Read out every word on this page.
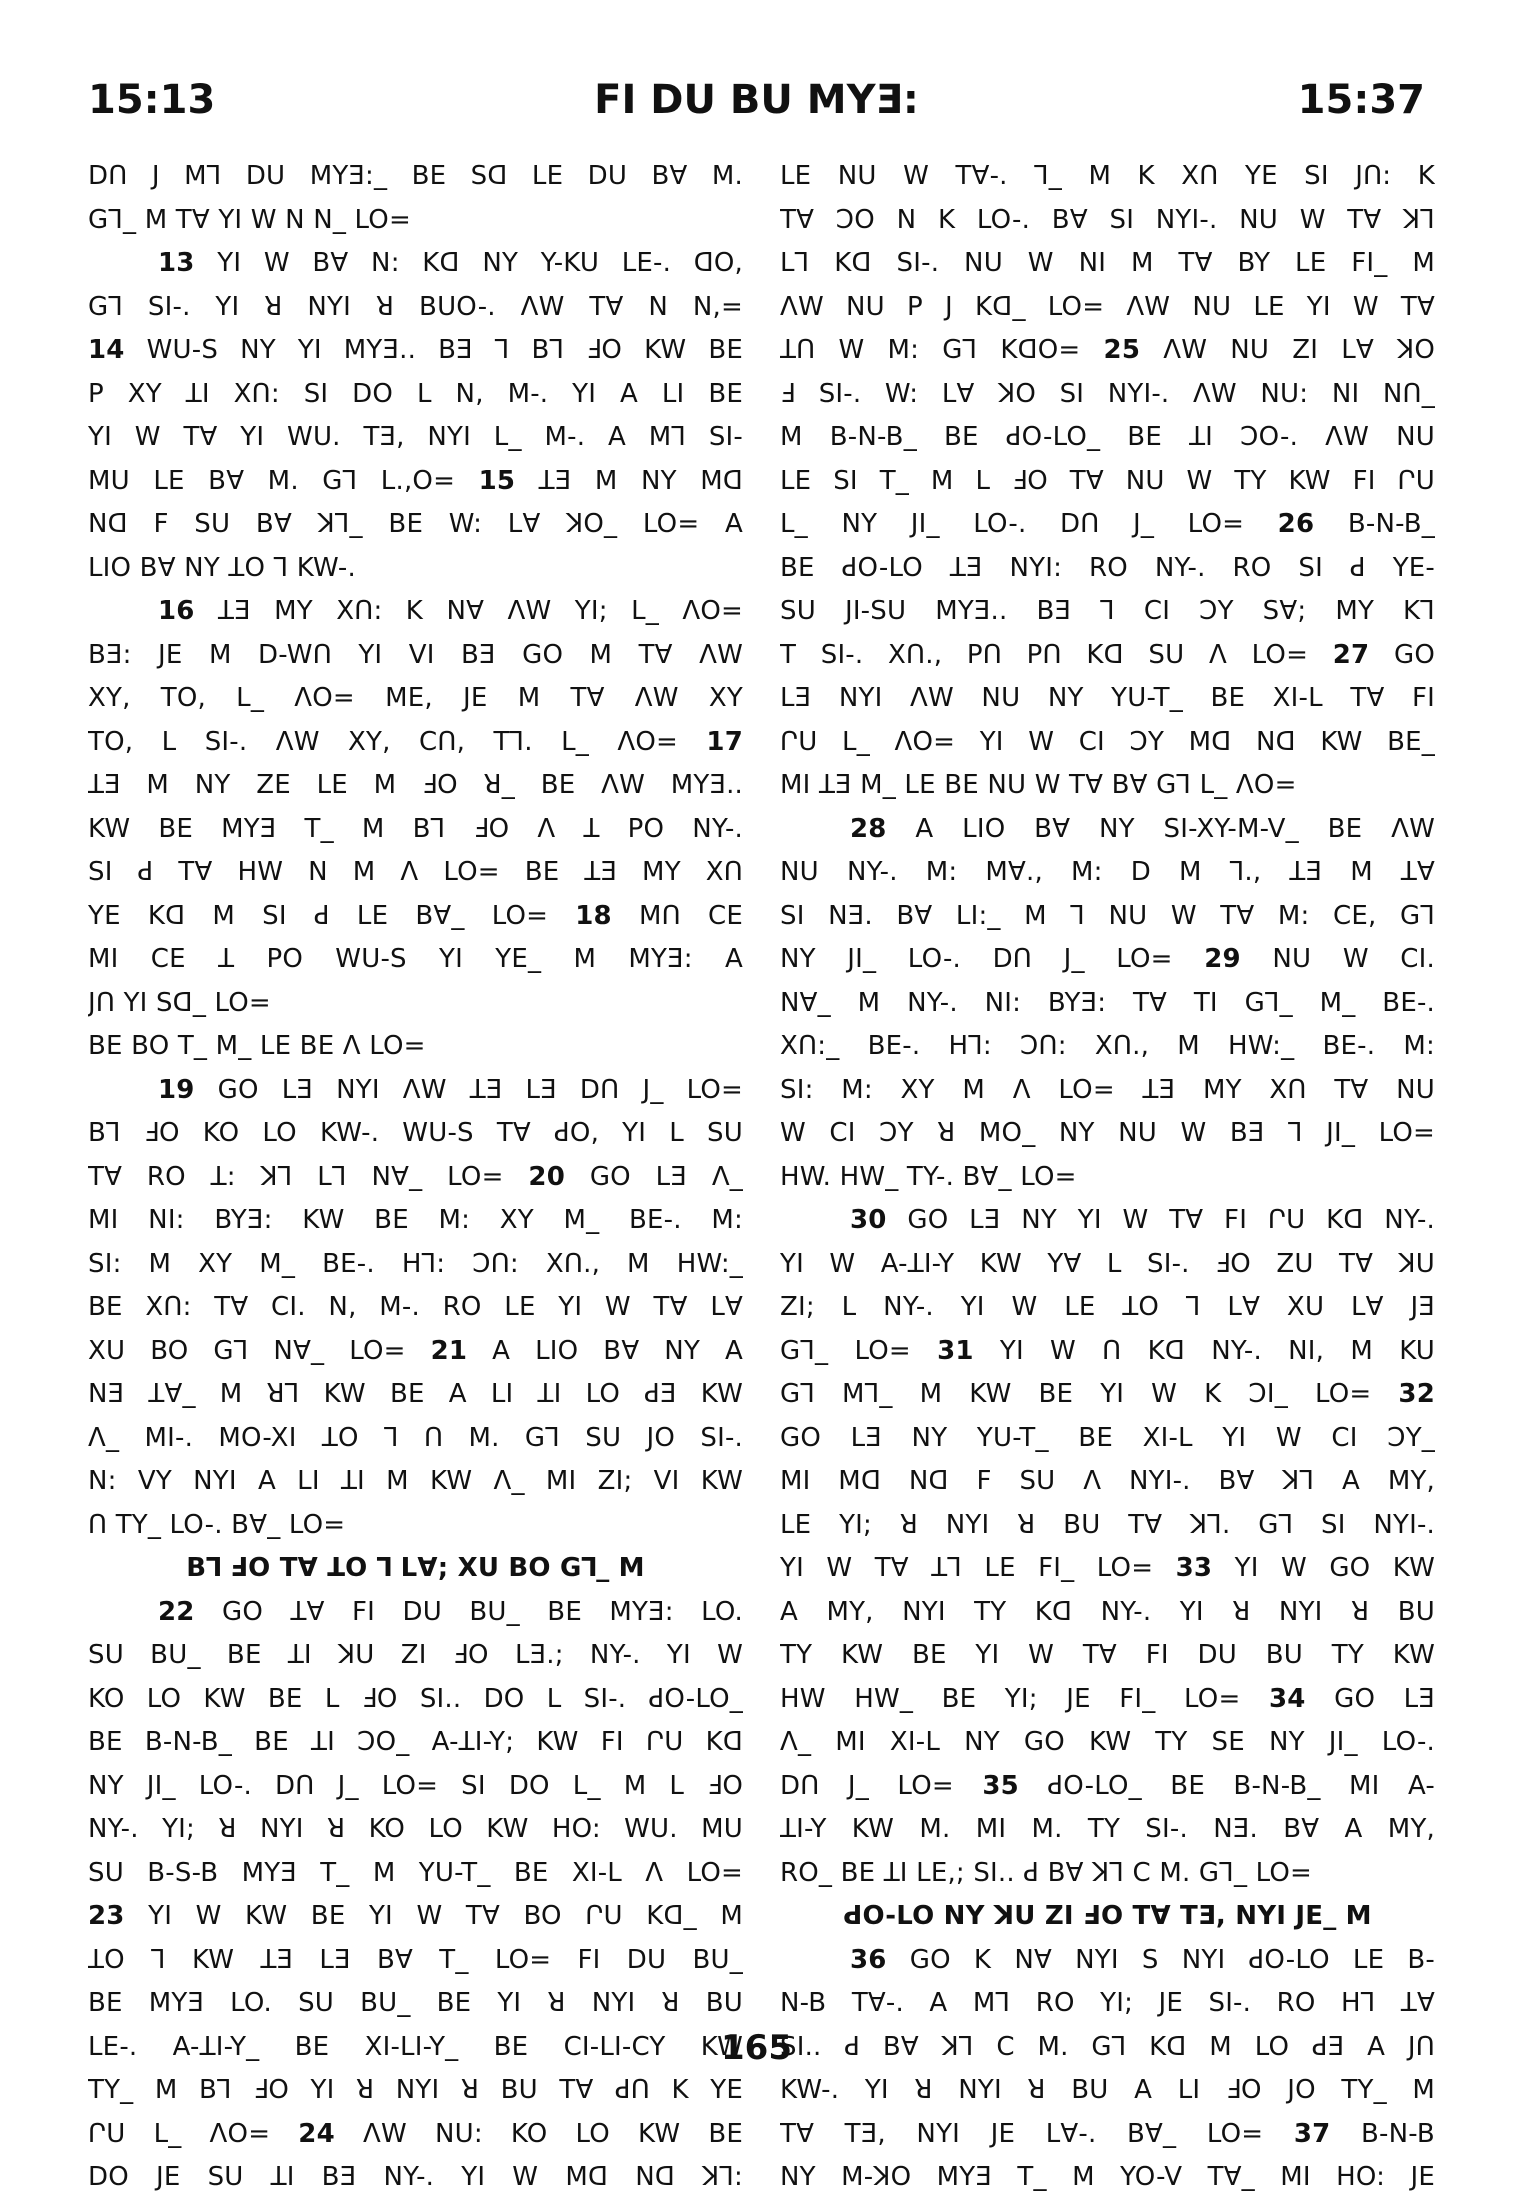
15:13	FI DU BU MYƎ:	15:37
DՈ J Mꓶ DU MYƎ:_ BE Sꓷ LE DU BⱯ M.
Gꓶ_ M TⱯ YI W N N_ LO=
13 YI W BⱯ N: Kꓷ NY Y-KU LE-. ꓷO,
Gꓶ SI-. YI ꓤ NYI ꓤ BUO-. ɅW TⱯ N N,=
14 WU-S NY YI MYƎ.. BƎ ꓶ Bꓶ ꓞO KW BE
P XY ꓕI XՈ: SI DO L N, M-. YI A LI BE
YI W TⱯ YI WU. TƎ, NYI L_ M-. A Mꓶ SI-
MU LE BⱯ M. Gꓶ L.,O= 15 ꓕƎ M NY Mꓷ
Nꓷ F SU BⱯ ꓘꓶ_ BE W: LⱯ ꓘO_ LO= A
LIO BⱯ NY ꓕO ꓶ KW-.
16 ꓕƎ MY XՈ: K NⱯ ɅW YI; L_ ɅO=
BƎ: JE M D-WՈ YI VI BƎ GO M TⱯ ɅW
XY, TO, L_ ɅO= ME, JE M TⱯ ɅW XY
TO, L SI-. ɅW XY, CՈ, Tꓶ. L_ ɅO= 17
ꓕƎ M NY ZE LE M ꓞO ꓤ_ BE ɅW MYƎ..
KW BE MYƎ T_ M Bꓶ ꓞO Ʌ ꓕ PO NY-.
SI ꓒ TⱯ HW N M Ʌ LO= BE ꓕƎ MY XՈ
YE Kꓷ M SI ꓒ LE BⱯ_ LO= 18 MՈ CE
MI CE ꓕ PO WU-S YI YE_ M MYƎ: A
JՈ YI Sꓷ_ LO=
BE BO T_ M_ LE BE Ʌ LO=
19 GO LƎ NYI ɅW ꓕƎ LƎ DՈ J_ LO=
Bꓶ ꓞO KO LO KW-. WU-S TⱯ ꓒO, YI L SU
TⱯ RO ꓕ: ꓘꓶ Lꓶ NⱯ_ LO= 20 GO LƎ Ʌ_
MI NI: BYƎ: KW BE M: XY M_ BE-. M:
SI: M XY M_ BE-. Hꓶ: ƆՈ: XՈ., M HW:_
BE XՈ: TⱯ CI. N, M-. RO LE YI W TⱯ LⱯ
XU BO Gꓶ NⱯ_ LO= 21 A LIO BⱯ NY A
NƎ ꓕⱯ_ M ꓤꓶ KW BE A LI ꓕI LO ꓒƎ KW
Ʌ_ MI-. MO-XI ꓕO ꓶ Ո M. Gꓶ SU JO SI-.
N: VY NYI A LI ꓕI M KW Ʌ_ MI ZI; VI KW
Ո TY_ LO-. BⱯ_ LO=
Bꓶ ꓞO TⱯ ꓕO ꓶ LⱯ; XU BO Gꓶ_ M
22 GO ꓕⱯ FI DU BU_ BE MYƎ: LO.
SU BU_ BE ꓕI ꓘU ZI ꓞO LƎ.; NY-. YI W
KO LO KW BE L ꓞO SI.. DO L SI-. ꓒO-LO_
BE B-N-B_ BE ꓕI ƆO_ A-ꓕI-Y; KW FI ՐU Kꓷ
NY JI_ LO-. DՈ J_ LO= SI DO L_ M L ꓞO
NY-. YI; ꓤ NYI ꓤ KO LO KW HO: WU. MU
SU B-S-B MYƎ T_ M YU-T_ BE XI-L Ʌ LO=
23 YI W KW BE YI W TⱯ BO ՐU Kꓷ_ M
ꓕO ꓶ KW ꓕƎ LƎ BⱯ T_ LO= FI DU BU_
BE MYƎ LO. SU BU_ BE YI ꓤ NYI ꓤ BU
LE-. A-ꓕI-Y_ BE XI-LI-Y_ BE CI-LI-CY KW
TY_ M Bꓶ ꓞO YI ꓤ NYI ꓤ BU TⱯ ꓒՈ K YE
ՐU L_ ɅO= 24 ɅW NU: KO LO KW BE
DO JE SU ꓕI BƎ NY-. YI W Mꓷ Nꓷ ꓘꓶ:
LE NU W TⱯ-. ꓶ_ M K XՈ YE SI JՈ: K
TⱯ ƆO N K LO-. BⱯ SI NYI-. NU W TⱯ ꓘꓶ
Lꓶ Kꓷ SI-. NU W NI M TⱯ BY LE FI_ M
ɅW NU P J Kꓷ_ LO= ɅW NU LE YI W TⱯ
ꓕՈ W M: Gꓶ KꓷO= 25 ɅW NU ZI LⱯ ꓘO
ꓞ SI-. W: LⱯ ꓘO SI NYI-. ɅW NU: NI NՈ_
M B-N-B_ BE ꓒO-LO_ BE ꓕI ƆO-. ɅW NU
LE SI T_ M L ꓞO TⱯ NU W TY KW FI ՐU
L_ NY JI_ LO-. DՈ J_ LO= 26 B-N-B_
BE ꓒO-LO ꓕƎ NYI: RO NY-. RO SI ꓒ YE-
SU JI-SU MYƎ.. BƎ ꓶ CI ƆY SⱯ; MY Kꓶ
T SI-. XՈ., PՈ PՈ Kꓷ SU Ʌ LO= 27 GO
LƎ NYI ɅW NU NY YU-T_ BE XI-L TⱯ FI
ՐU L_ ɅO= YI W CI ƆY Mꓷ Nꓷ KW BE_
MI ꓕƎ M_ LE BE NU W TⱯ BⱯ Gꓶ L_ ɅO=
28 A LIO BⱯ NY SI-XY-M-V_ BE ɅW
NU NY-. M: MⱯ., M: D M ꓶ., ꓕƎ M ꓕⱯ
SI NƎ. BⱯ LI:_ M ꓶ NU W TⱯ M: CE, Gꓶ
NY JI_ LO-. DՈ J_ LO= 29 NU W CI.
NⱯ_ M NY-. NI: BYƎ: TⱯ TI Gꓶ_ M_ BE-.
XՈ:_ BE-. Hꓶ: ƆՈ: XՈ., M HW:_ BE-. M:
SI: M: XY M Ʌ LO= ꓕƎ MY XՈ TⱯ NU
W CI ƆY ꓤ MO_ NY NU W BƎ ꓶ JI_ LO=
HW. HW_ TY-. BⱯ_ LO=
30 GO LƎ NY YI W TⱯ FI ՐU Kꓷ NY-.
YI W A-ꓕI-Y KW YⱯ L SI-. ꓞO ZU TⱯ ꓘU
ZI; L NY-. YI W LE ꓕO ꓶ LⱯ XU LⱯ JƎ
Gꓶ_ LO= 31 YI W Ո Kꓷ NY-. NI, M KU
Gꓶ Mꓶ_ M KW BE YI W K ƆI_ LO= 32
GO LƎ NY YU-T_ BE XI-L YI W CI ƆY_
MI Mꓷ Nꓷ F SU Ʌ NYI-. BⱯ ꓘꓶ A MY,
LE YI; ꓤ NYI ꓤ BU TⱯ ꓘꓶ. Gꓶ SI NYI-.
YI W TⱯ ꓕꓶ LE FI_ LO= 33 YI W GO KW
A MY, NYI TY Kꓷ NY-. YI ꓤ NYI ꓤ BU
TY KW BE YI W TⱯ FI DU BU TY KW
HW HW_ BE YI; JE FI_ LO= 34 GO LƎ
Ʌ_ MI XI-L NY GO KW TY SE NY JI_ LO-.
DՈ J_ LO= 35 ꓒO-LO_ BE B-N-B_ MI A-
ꓕI-Y KW M. MI M. TY SI-. NƎ. BⱯ A MY,
RO_ BE ꓕI LE,; SI.. ꓒ BⱯ ꓘꓶ C M. Gꓶ_ LO=
ꓒO-LO NY ꓘU ZI ꓞO TⱯ TƎ, NYI JE_ M
36 GO K NⱯ NYI S NYI ꓒO-LO LE B-
N-B TⱯ-. A Mꓶ RO YI; JE SI-. RO Hꓶ ꓕⱯ
SI.. ꓒ BⱯ ꓘꓶ C M. Gꓶ Kꓷ M LO ꓒƎ A JՈ
KW-. YI ꓤ NYI ꓤ BU A LI ꓞO JO TY_ M
TⱯ TƎ, NYI JE LⱯ-. BⱯ_ LO= 37 B-N-B
NY M-ꓘO MYƎ T_ M YO-V TⱯ_ MI HO: JE
165
